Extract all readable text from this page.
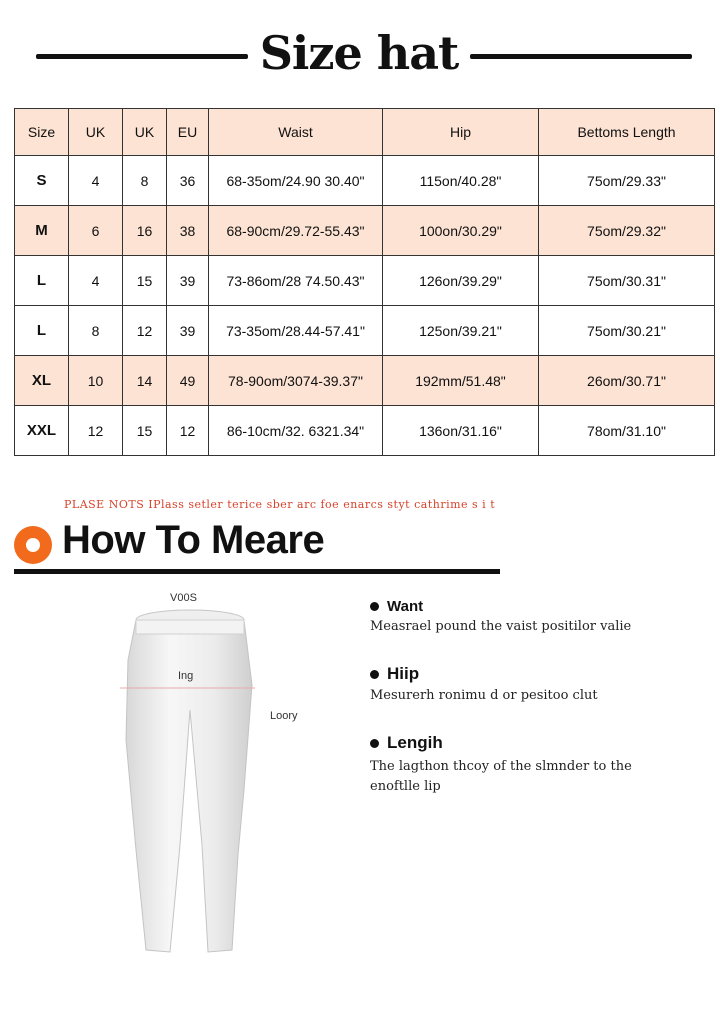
Size hat
Size	UK	UK	EU	Waist	Hip	Bettoms Length
S	4	8	36	68-35om/24.90 30.40"	115on/40.28"	75om/29.33"
M	6	16	38	68-90cm/29.72-55.43"	100on/30.29"	75om/29.32"
L	4	15	39	73-86om/28 74.50.43"	126on/39.29"	75om/30.31"
L	8	12	39	73-35om/28.44-57.41"	125on/39.21"	75om/30.21"
XL	10	14	49	78-90om/3074-39.37"	192mm/51.48"	26om/30.71"
XXL	12	15	12	86-10cm/32. 6321.34"	136on/31.16"	78om/31.10"
PLASE NOTS IPlass setler terice sber arc foe enarcs styt cathrime s i t
How To Meare
V00S
Ing
Loory
Want
Measrael pound the vaist positilor valie
Hiip
Mesurerh ronimu d or pesitoo clut
Lengih
The lagthon thcoy of the slmnder to the enoftlle lip
